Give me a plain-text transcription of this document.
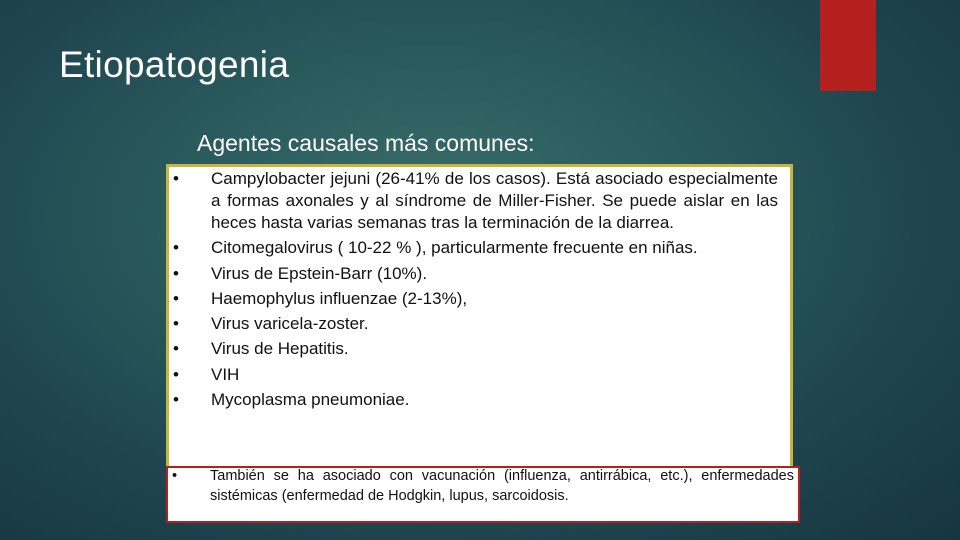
Etiopatogenia
Agentes causales más comunes:
• Campylobacter jejuni (26-41% de los casos). Está asociado especialmente a formas axonales y al síndrome de Miller-Fisher. Se puede aislar en las heces hasta varias semanas tras la terminación de la diarrea.
• Citomegalovirus ( 10-22 % ), particularmente frecuente en niñas.
• Virus de Epstein-Barr (10%).
• Haemophylus influenzae (2-13%),
• Virus varicela-zoster.
• Virus de Hepatitis.
• VIH
• Mycoplasma pneumoniae.
• También se ha asociado con vacunación (influenza, antirrábica, etc.), enfermedades sistémicas (enfermedad de Hodgkin, lupus, sarcoidosis.
